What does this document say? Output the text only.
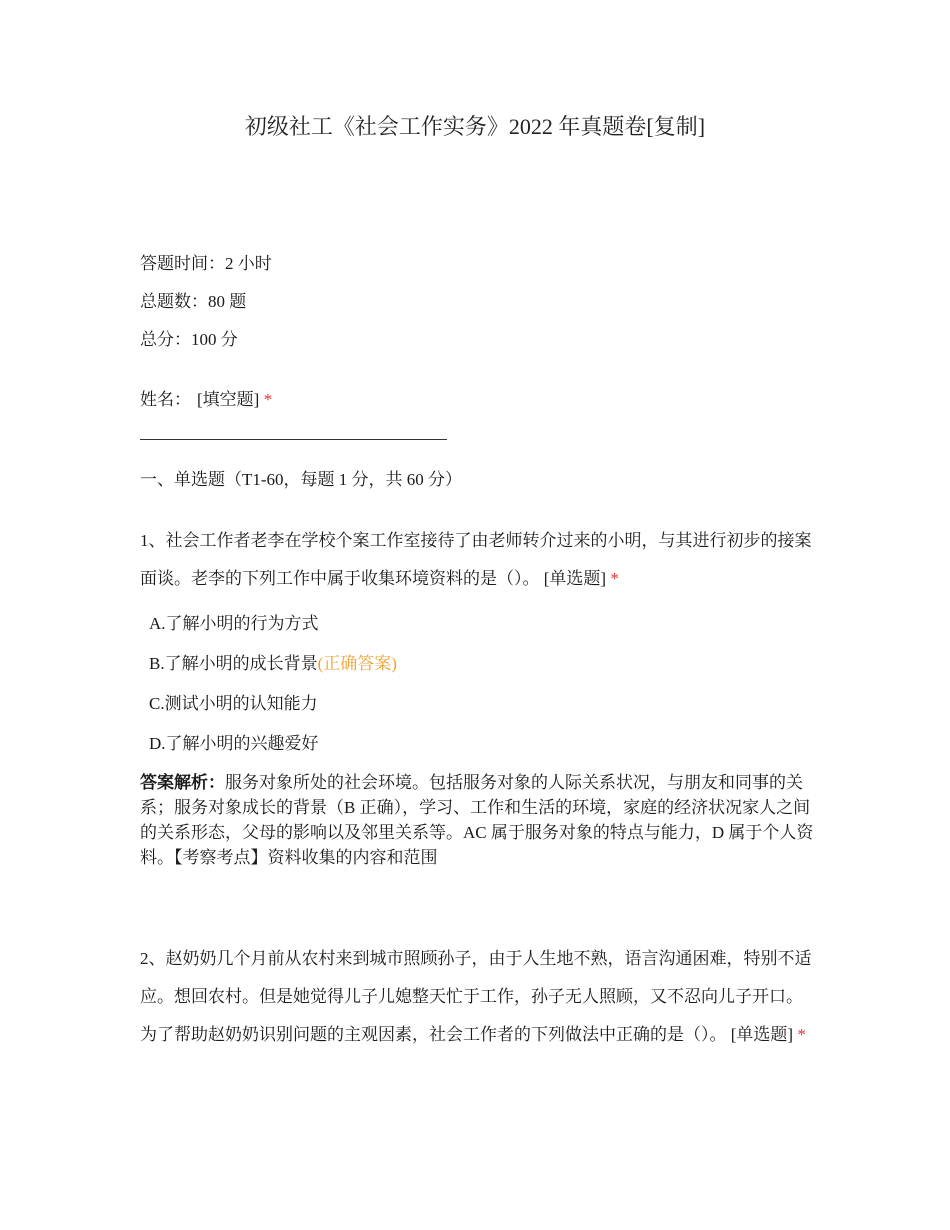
初级社工《社会工作实务》2022 年真题卷[复制]
答题时间：2 小时
总题数：80 题
总分：100 分
姓名： [填空题] *
一、单选题（T1-60，每题 1 分，共 60 分）
1、社会工作者老李在学校个案工作室接待了由老师转介过来的小明，与其进行初步的接案面谈。老李的下列工作中属于收集环境资料的是（）。 [单选题] *
A.了解小明的行为方式
B.了解小明的成长背景(正确答案)
C.测试小明的认知能力
D.了解小明的兴趣爱好
答案解析：服务对象所处的社会环境。包括服务对象的人际关系状况，与朋友和同事的关系；服务对象成长的背景（B 正确），学习、工作和生活的环境，家庭的经济状况家人之间的关系形态，父母的影响以及邻里关系等。AC 属于服务对象的特点与能力，D 属于个人资料。【考察考点】资料收集的内容和范围
2、赵奶奶几个月前从农村来到城市照顾孙子，由于人生地不熟，语言沟通困难，特别不适应。想回农村。但是她觉得儿子儿媳整天忙于工作，孙子无人照顾，又不忍向儿子开口。为了帮助赵奶奶识别问题的主观因素，社会工作者的下列做法中正确的是（）。 [单选题] *
